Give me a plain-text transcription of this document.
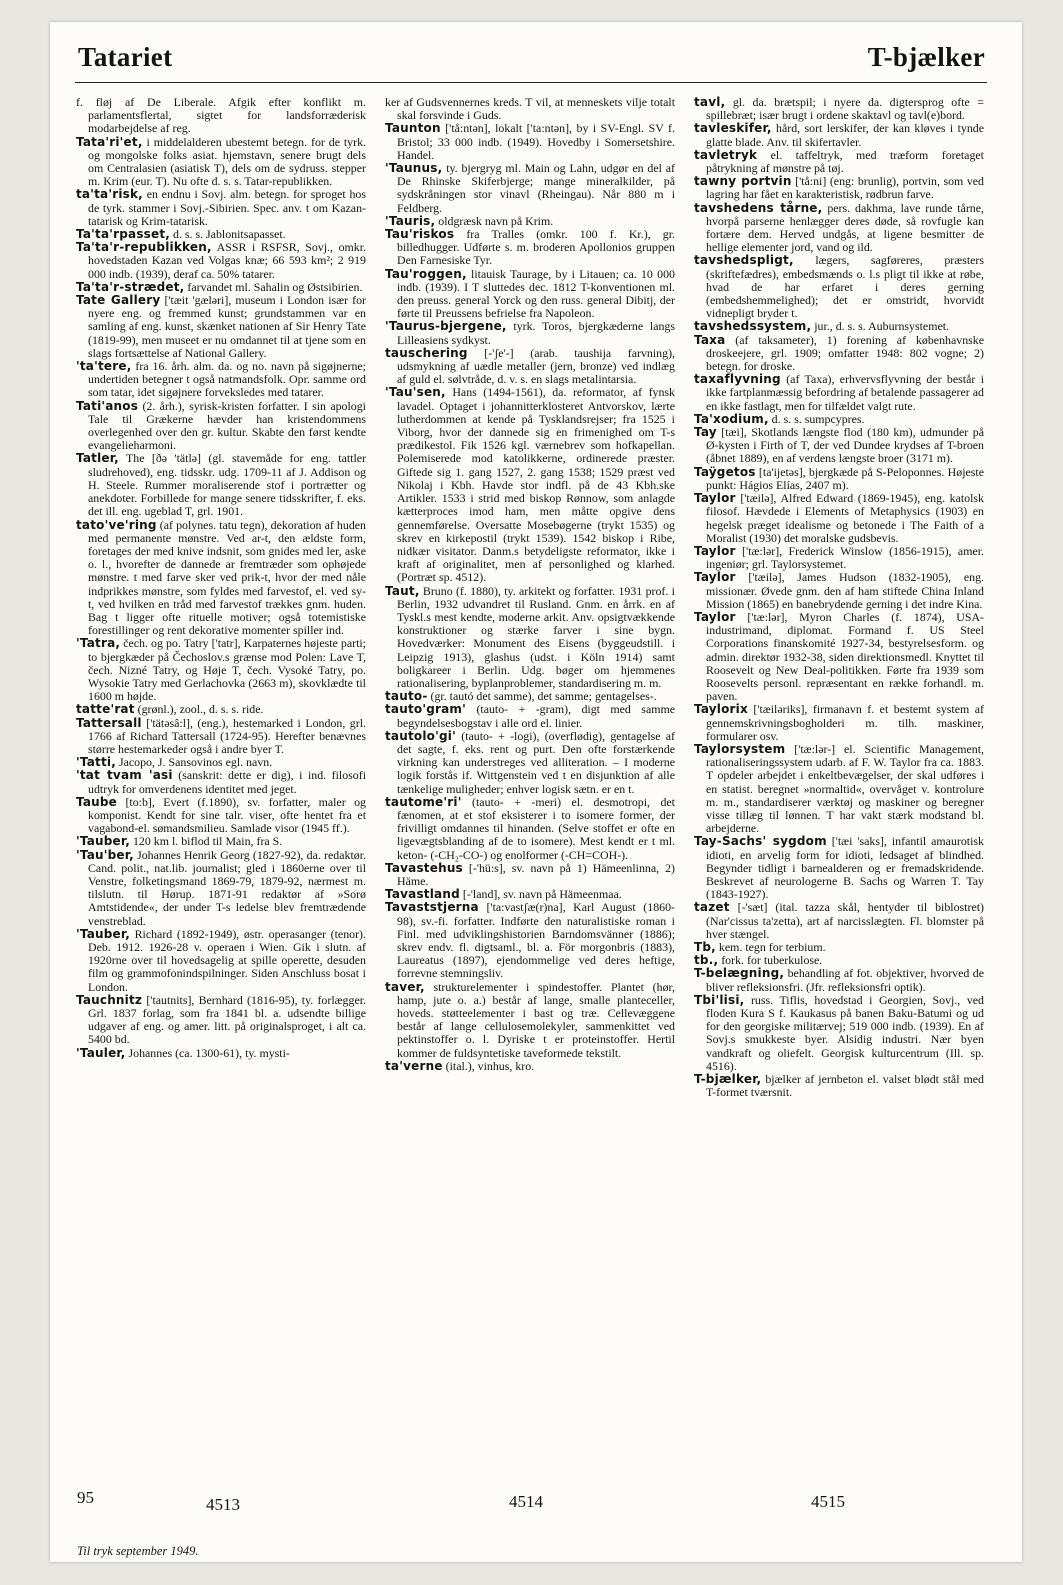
Tatariet	T-bjælker

f. fløj af De Liberale. Afgik efter konflikt m. parlamentsflertal, sigtet for landsforræderisk modarbejdelse af reg.

Tata'ri'et, i middelalderen ubestemt betegn. for de tyrk. og mongolske folks asiat. hjemstavn, senere brugt dels om Centralasien (asiatisk T), dels om de sydruss. stepper m. Krim (eur. T). Nu ofte d. s. s. Tatar-republikken.

ta'ta'risk, en endnu i Sovj. alm. betegn. for sproget hos de tyrk. stammer i Sovj.-Sibirien. Spec. anv. t om Kazan-tatarisk og Krim-tatarisk.

Ta'ta'rpasset, d. s. s. Jablonitsapasset.

Ta'ta'r-republikken, ASSR i RSFSR, Sovj., omkr. hovedstaden Kazan ved Volgas knæ; 66 593 km²; 2 919 000 indb. (1939), deraf ca. 50% tatarer.

Ta'ta'r-strædet, farvandet ml. Sahalin og Østsibirien.

Tate Gallery ['tæit 'gæləri], museum i London især for nyere eng. og fremmed kunst; grundstammen var en samling af eng. kunst, skænket nationen af Sir Henry Tate (1819-99), men museet er nu omdannet til at tjene som en slags fortsættelse af National Gallery.

'ta'tere, fra 16. årh. alm. da. og no. navn på sigøjnerne; undertiden betegner t også natmandsfolk. Opr. samme ord som tatar, idet sigøjnere forveksledes med tatarer.

Tati'anos (2. årh.), syrisk-kristen forfatter. I sin apologi Tale til Grækerne hævder han kristendommens overlegenhed over den gr. kultur. Skabte den først kendte evangelieharmoni.

Tatler, The [ðə 'tätlə] (gl. stavemåde for eng. tattler sludrehoved), eng. tidsskr. udg. 1709-11 af J. Addison og H. Steele. Rummer moraliserende stof i portrætter og anekdoter. Forbillede for mange senere tidsskrifter, f. eks. det ill. eng. ugeblad T, grl. 1901.

tato've'ring (af polynes. tatu tegn), dekoration af huden med permanente mønstre. Ved ar-t, den ældste form, foretages der med knive indsnit, som gnides med ler, aske o. l., hvorefter de dannede ar fremtræder som ophøjede mønstre. t med farve sker ved prik-t, hvor der med nåle indprikkes mønstre, som fyldes med farvestof, el. ved sy-t, ved hvilken en tråd med farvestof trækkes gnm. huden. Bag t ligger ofte rituelle motiver; også totemistiske forestillinger og rent dekorative momenter spiller ind.

'Tatra, čech. og po. Tatry ['tatr], Karpaternes højeste parti; to bjergkæder på Čechoslov.s grænse mod Polen: Lave T, čech. Nizné Tatry, og Høje T, čech. Vysoké Tatry, po. Wysokie Tatry med Gerlachovka (2663 m), skovklædte til 1600 m højde.

tatte'rat (grønl.), zool., d. s. s. ride.

Tattersall ['tätəsâ:l], (eng.), hestemarked i London, grl. 1766 af Richard Tattersall (1724-95). Herefter benævnes større hestemarkeder også i andre byer T.

'Tatti, Jacopo, J. Sansovinos egl. navn.

'tat tvam 'asi (sanskrit: dette er dig), i ind. filosofi udtryk for omverdenens identitet med jeget.

Taube [to:b], Evert (f.1890), sv. forfatter, maler og komponist. Kendt for sine talr. viser, ofte hentet fra et vagabond-el. sømandsmilieu. Samlade visor (1945 ff.).

'Tauber, 120 km l. biflod til Main, fra S.

'Tau'ber, Johannes Henrik Georg (1827-92), da. redaktør. Cand. polit., nat.lib. journalist; gled i 1860erne over til Venstre, folketingsmand 1869-79, 1879-92, nærmest m. tilslutn. til Hørup. 1871-91 redaktør af »Sorø Amtstidende«, der under T-s ledelse blev fremtrædende venstreblad.

'Tauber, Richard (1892-1949), østr. operasanger (tenor). Deb. 1912. 1926-28 v. operaen i Wien. Gik i slutn. af 1920rne over til hovedsagelig at spille operette, desuden film og grammofonindspilninger. Siden Anschluss bosat i London.

Tauchnitz ['tautnits], Bernhard (1816-95), ty. forlægger. Grl. 1837 forlag, som fra 1841 bl. a. udsendte billige udgaver af eng. og amer. litt. på originalsproget, i alt ca. 5400 bd.

'Tauler, Johannes (ca. 1300-61), ty. mysti-

ker af Gudsvennernes kreds. T vil, at menneskets vilje totalt skal forsvinde i Guds.

Taunton ['tå:ntən], lokalt ['ta:ntən], by i SV-Engl. SV f. Bristol; 33 000 indb. (1949). Hovedby i Somersetshire. Handel.

'Taunus, ty. bjergryg ml. Main og Lahn, udgør en del af De Rhinske Skiferbjerge; mange mineralkilder, på sydskråningen stor vinavl (Rheingau). Når 880 m i Feldberg.

'Tauris, oldgræsk navn på Krim.

Tau'riskos fra Tralles (omkr. 100 f. Kr.), gr. billedhugger. Udførte s. m. broderen Apollonios gruppen Den Farnesiske Tyr.

Tau'roggen, litauisk Taurage, by i Litauen; ca. 10 000 indb. (1939). I T sluttedes dec. 1812 T-konventionen ml. den preuss. general Yorck og den russ. general Dibitj, der førte til Preussens befrielse fra Napoleon.

'Taurus-bjergene, tyrk. Toros, bjergkæderne langs Lilleasiens sydkyst.

tauschering [-'ʃe'-] (arab. taushija farvning), udsmykning af uædle metaller (jern, bronze) ved indlæg af guld el. sølvtråde, d. v. s. en slags metalintarsia.

'Tau'sen, Hans (1494-1561), da. reformator, af fynsk lavadel. Optaget i johannitterklosteret Antvorskov, lærte lutherdommen at kende på Tysklandsrejser; fra 1525 i Viborg, hvor der dannede sig en frimenighed om T-s prædikestol. Fik 1526 kgl. værnebrev som hofkapellan. Polemiserede mod katolikkerne, ordinerede præster. Giftede sig 1. gang 1527, 2. gang 1538; 1529 præst ved Nikolaj i Kbh. Havde stor indfl. på de 43 Kbh.ske Artikler. 1533 i strid med biskop Rønnow, som anlagde kætterproces imod ham, men måtte opgive dens gennemførelse. Oversatte Mosebøgerne (trykt 1535) og skrev en kirkepostil (trykt 1539). 1542 biskop i Ribe, nidkær visitator. Danm.s betydeligste reformator, ikke i kraft af originalitet, men af personlighed og klarhed. (Portræt sp. 4512).

Taut, Bruno (f. 1880), ty. arkitekt og forfatter. 1931 prof. i Berlin, 1932 udvandret til Rusland. Gnm. en årrk. en af Tyskl.s mest kendte, moderne arkit. Anv. opsigtvækkende konstruktioner og stærke farver i sine bygn. Hovedværker: Monument des Eisens (byggeudstill. i Leipzig 1913), glashus (udst. i Köln 1914) samt boligkareer i Berlin. Udg. bøger om hjemmenes rationalisering, byplanproblemer, standardisering m. m.

tauto- (gr. tautó det samme), det samme; gentagelses-.

tauto'gram' (tauto- + -gram), digt med samme begyndelsesbogstav i alle ord el. linier.

tautolo'gi' (tauto- + -logi), (overflødig), gentagelse af det sagte, f. eks. rent og purt. Den ofte forstærkende virkning kan understreges ved alliteration. – I moderne logik forstås if. Wittgenstein ved t en disjunktion af alle tænkelige muligheder; enhver logisk sætn. er en t.

tautome'ri' (tauto- + -meri) el. desmotropi, det fænomen, at et stof eksisterer i to isomere former, der frivilligt omdannes til hinanden. (Selve stoffet er ofte en ligevægtsblanding af de to isomere). Mest kendt er t ml. keton- (-CH₂-CO-) og enolformer (-CH=COH-).

Tavastehus [-'hü:s], sv. navn på 1) Hämeenlinna, 2) Häme.

Tavastland [-'land], sv. navn på Hämeenmaa.

Tavaststjerna ['ta:vastʃæ(r)na], Karl August (1860-98), sv.-fi. forfatter. Indførte den naturalistiske roman i Finl. med udviklingshistorien Barndomsvänner (1886); skrev endv. fl. digtsaml., bl. a. För morgonbris (1883), Laureatus (1897), ejendommelige ved deres heftige, forrevne stemningsliv.

taver, strukturelementer i spindestoffer. Plantet (hør, hamp, jute o. a.) består af lange, smalle planteceller, hoveds. støtteelementer i bast og træ. Cellevæggene består af lange cellulosemolekyler, sammenkittet ved pektinstoffer o. l. Dyriske t er proteinstoffer. Hertil kommer de fuldsyntetiske taveformede tekstilt.

ta'verne (ital.), vinhus, kro.

tavl, gl. da. brætspil; i nyere da. digtersprog ofte = spillebræt; især brugt i ordene skaktavl og tavl(e)bord.

tavleskifer, hård, sort lerskifer, der kan kløves i tynde glatte blade. Anv. til skifertavler.

tavletryk el. taffeltryk, med træform foretaget påtrykning af mønstre på tøj.

tawny portvin ['tå:ni] (eng: brunlig), portvin, som ved lagring har fået en karakteristisk, rødbrun farve.

tavshedens tårne, pers. dakhma, lave runde tårne, hvorpå parserne henlægger deres døde, så rovfugle kan fortære dem. Herved undgås, at ligene besmitter de hellige elementer jord, vand og ild.

tavshedspligt, lægers, sagføreres, præsters (skriftefædres), embedsmænds o. l.s pligt til ikke at røbe, hvad de har erfaret i deres gerning (embedshemmelighed); det er omstridt, hvorvidt vidnepligt bryder t.

tavshedssystem, jur., d. s. s. Auburnsystemet.

Taxa (af taksameter), 1) forening af københavnske droskeejere, grl. 1909; omfatter 1948: 802 vogne; 2) betegn. for droske.

taxaflyvning (af Taxa), erhvervsflyvning der består i ikke fartplanmæssig befordring af betalende passagerer ad en ikke fastlagt, men for tilfældet valgt rute.

Ta'xodium, d. s. s. sumpcypres.

Tay [tæi], Skotlands længste flod (180 km), udmunder på Ø-kysten i Firth of T, der ved Dundee krydses af T-broen (åbnet 1889), en af verdens længste broer (3171 m).

Taÿgetos [ta'ijetəs], bjergkæde på S-Peloponnes. Højeste punkt: Hágios Elías, 2407 m).

Taylor ['tæilə], Alfred Edward (1869-1945), eng. katolsk filosof. Hævdede i Elements of Metaphysics (1903) en hegelsk præget idealisme og betonede i The Faith of a Moralist (1930) det moralske gudsbevis.

Taylor ['tæ:lər], Frederick Winslow (1856-1915), amer. ingeniør; grl. Taylorsystemet.

Taylor ['tæilə], James Hudson (1832-1905), eng. missionær. Øvede gnm. den af ham stiftede China Inland Mission (1865) en banebrydende gerning i det indre Kina.

Taylor ['tæ:lər], Myron Charles (f. 1874), USA-industrimand, diplomat. Formand f. US Steel Corporations finanskomité 1927-34, bestyrelsesform. og admin. direktør 1932-38, siden direktionsmedl. Knyttet til Roosevelt og New Deal-politikken. Førte fra 1939 som Roosevelts personl. repræsentant en række forhandl. m. paven.

Taylorix ['tæiləriks], firmanavn f. et bestemt system af gennemskrivningsbogholderi m. tilh. maskiner, formularer osv.

Taylorsystem ['tæ:lər-] el. Scientific Management, rationaliseringssystem udarb. af F. W. Taylor fra ca. 1883. T opdeler arbejdet i enkeltbevægelser, der skal udføres i en statist. beregnet »normaltid«, overvåget v. kontrolure m. m., standardiserer værktøj og maskiner og beregner visse tillæg til lønnen. T har vakt stærk modstand bl. arbejderne.

Tay-Sachs' sygdom ['tæi 'saks], infantil amaurotisk idioti, en arvelig form for idioti, ledsaget af blindhed. Begynder tidligt i barnealderen og er fremadskridende. Beskrevet af neurologerne B. Sachs og Warren T. Tay (1843-1927).

tazet [-'sæt] (ital. tazza skål, hentyder til biblostret) (Nar'cissus ta'zetta), art af narcisslægten. Fl. blomster på hver stængel.

Tb, kem. tegn for terbium.

tb., fork. for tuberkulose.

T-belægning, behandling af fot. objektiver, hvorved de bliver refleksionsfri. (Jfr. refleksionsfri optik).

Tbi'lisi, russ. Tiflis, hovedstad i Georgien, Sovj., ved floden Kura S f. Kaukasus på banen Baku-Batumi og ud for den georgiske militærvej; 519 000 indb. (1939). En af Sovj.s smukkeste byer. Alsidig industri. Nær byen vandkraft og oliefelt. Georgisk kulturcentrum (Ill. sp. 4516).

T-bjælker, bjælker af jernbeton el. valset blødt stål med T-formet tværsnit.

95	4513	4514	4515
Til tryk september 1949.
